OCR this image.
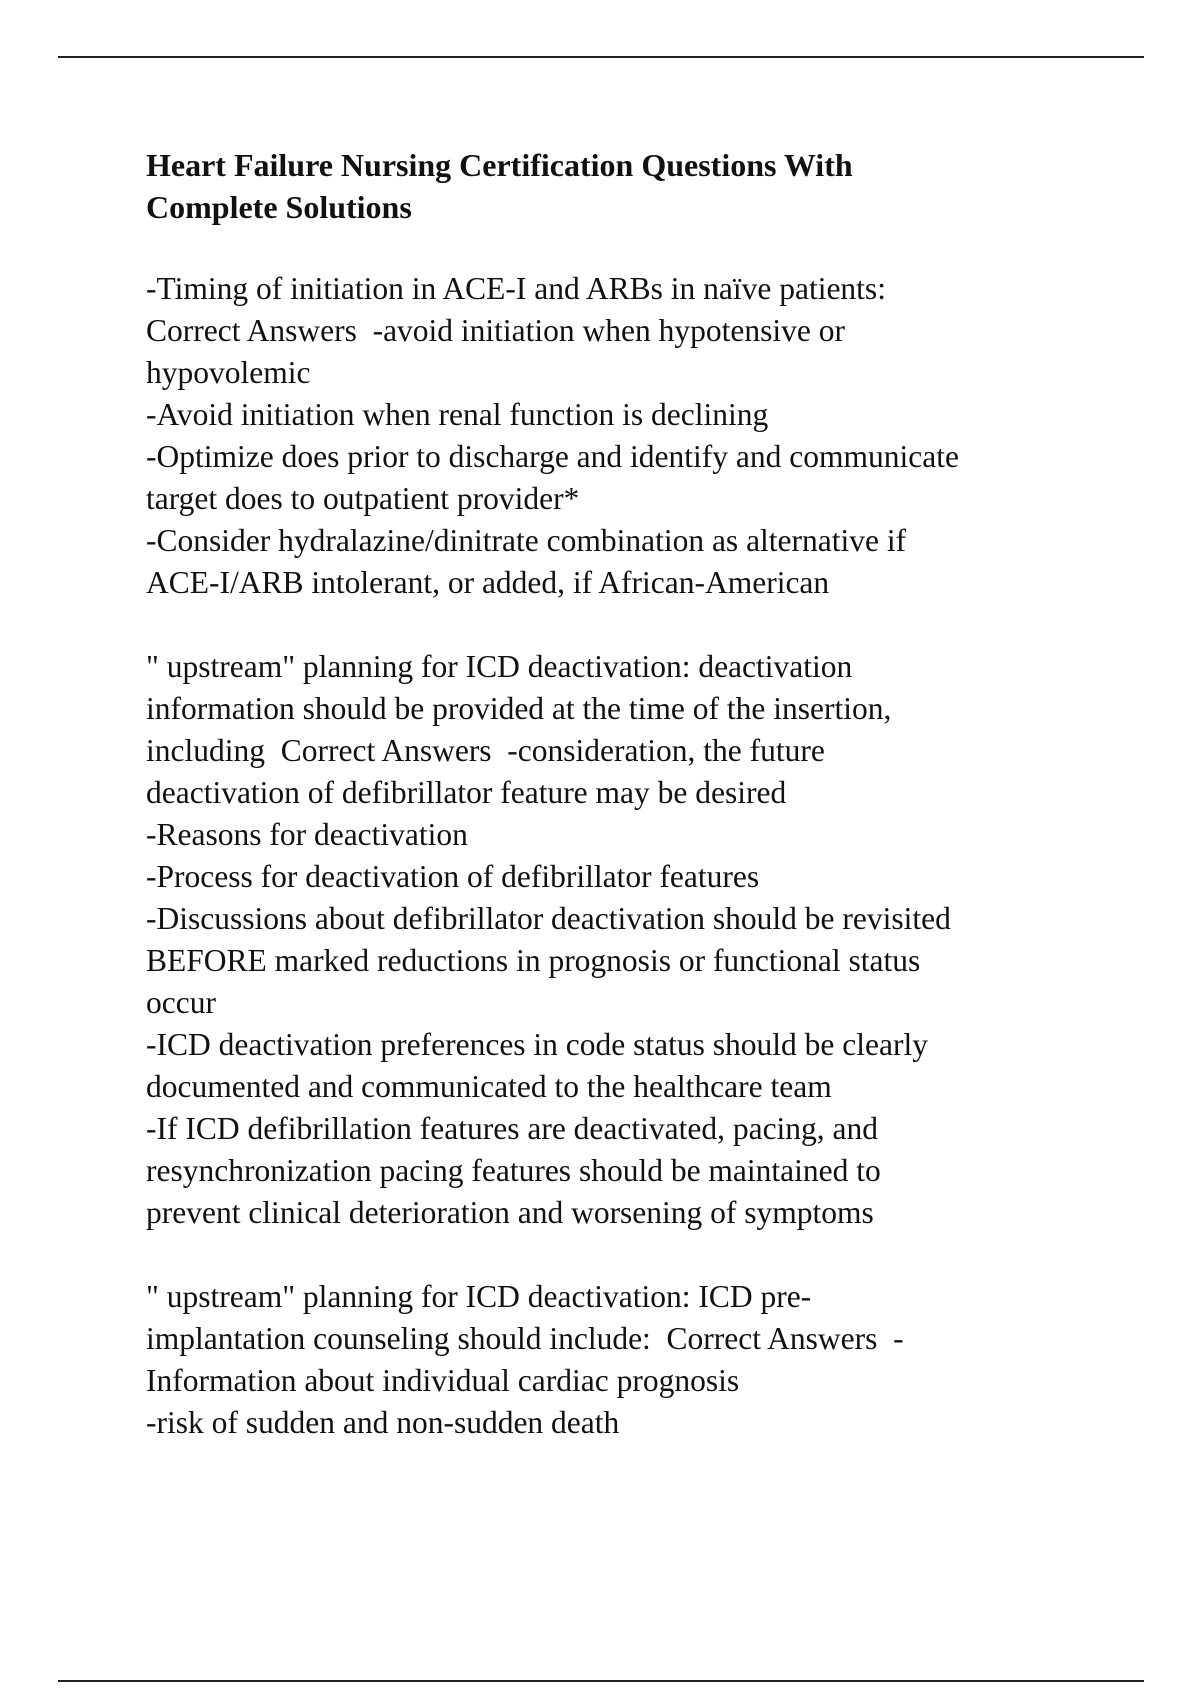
Heart Failure Nursing Certification Questions With Complete Solutions

-Timing of initiation in ACE-I and ARBs in naïve patients:

Correct Answers  -avoid initiation when hypotensive or

hypovolemic

-Avoid initiation when renal function is declining

-Optimize does prior to discharge and identify and communicate

target does to outpatient provider*

-Consider hydralazine/dinitrate combination as alternative if

ACE-I/ARB intolerant, or added, if African-American

" upstream" planning for ICD deactivation: deactivation

information should be provided at the time of the insertion,

including  Correct Answers  -consideration, the future

deactivation of defibrillator feature may be desired

-Reasons for deactivation

-Process for deactivation of defibrillator features

-Discussions about defibrillator deactivation should be revisited

BEFORE marked reductions in prognosis or functional status

occur

-ICD deactivation preferences in code status should be clearly

documented and communicated to the healthcare team

-If ICD defibrillation features are deactivated, pacing, and

resynchronization pacing features should be maintained to

prevent clinical deterioration and worsening of symptoms

" upstream" planning for ICD deactivation: ICD pre-

implantation counseling should include:  Correct Answers  -

Information about individual cardiac prognosis

-risk of sudden and non-sudden death
